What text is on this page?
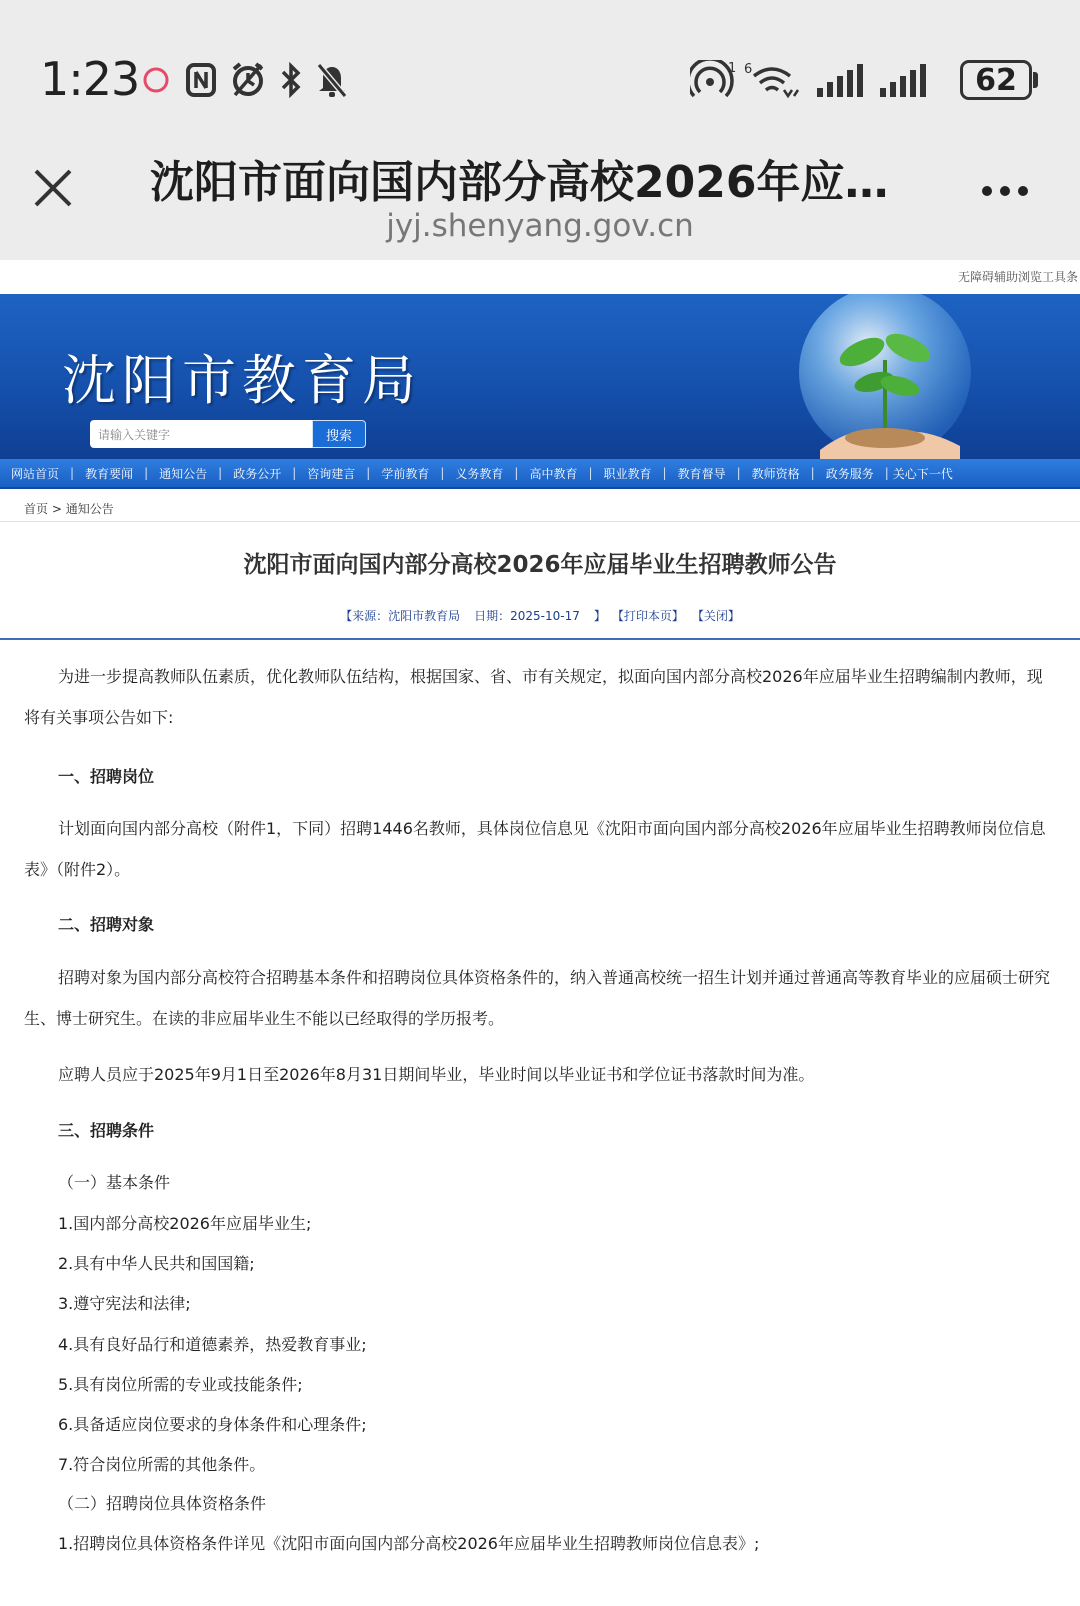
1:23	1 6	62
沈阳市面向国内部分高校2026年应…
jyj.shenyang.gov.cn
无障碍辅助浏览工具条
沈阳市教育局
请输入关键字	搜索
网站首页 | 教育要闻 | 通知公告 | 政务公开 | 咨询建言 | 学前教育 | 义务教育 | 高中教育 | 职业教育 | 教育督导 | 教师资格 | 政务服务 | 关心下一代
首页 > 通知公告
沈阳市面向国内部分高校2026年应届毕业生招聘教师公告
【来源：沈阳市教育局 日期：2025-10-17 】 【打印本页】 【关闭】
为进一步提高教师队伍素质，优化教师队伍结构，根据国家、省、市有关规定，拟面向国内部分高校2026年应届毕业生招聘编制内教师，现将有关事项公告如下:
一、招聘岗位
计划面向国内部分高校（附件1，下同）招聘1446名教师，具体岗位信息见《沈阳市面向国内部分高校2026年应届毕业生招聘教师岗位信息表》（附件2）。
二、招聘对象
招聘对象为国内部分高校符合招聘基本条件和招聘岗位具体资格条件的，纳入普通高校统一招生计划并通过普通高等教育毕业的应届硕士研究生、博士研究生。在读的非应届毕业生不能以已经取得的学历报考。
应聘人员应于2025年9月1日至2026年8月31日期间毕业，毕业时间以毕业证书和学位证书落款时间为准。
三、招聘条件
（一）基本条件
1.国内部分高校2026年应届毕业生;
2.具有中华人民共和国国籍;
3.遵守宪法和法律;
4.具有良好品行和道德素养，热爱教育事业;
5.具有岗位所需的专业或技能条件;
6.具备适应岗位要求的身体条件和心理条件;
7.符合岗位所需的其他条件。
（二）招聘岗位具体资格条件
1.招聘岗位具体资格条件详见《沈阳市面向国内部分高校2026年应届毕业生招聘教师岗位信息表》;
